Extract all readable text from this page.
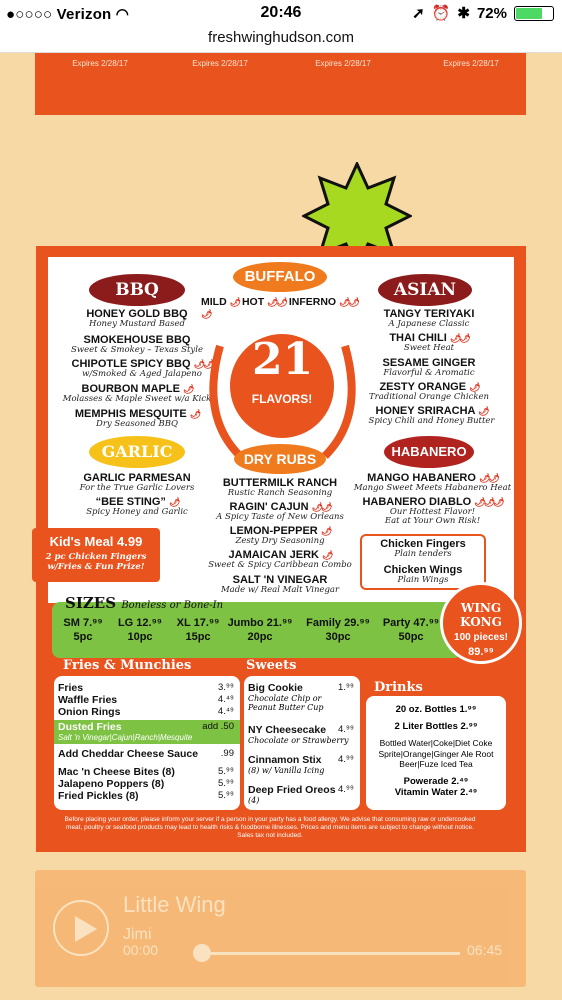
●○○○○ Verizon ◠	20:46	➚ ⏰ ✱ 72%
freshwinghudson.com
Expires 2/28/17	Expires 2/28/17	Expires 2/28/17	Expires 2/28/17
BBQ
HONEY GOLD BBQ
Honey Mustard Based
SMOKEHOUSE BBQ
Sweet & Smokey – Texas Style
CHIPOTLE SPICY BBQ 🌶🌶
w/Smoked & Aged Jalapeno
BOURBON MAPLE 🌶
Molasses & Maple Sweet w/a Kick
MEMPHIS MESQUITE 🌶
Dry Seasoned BBQ
BUFFALO
MILD 🌶 HOT 🌶🌶 INFERNO 🌶🌶🌶
21
FLAVORS!
ASIAN
TANGY TERIYAKI
A Japanese Classic
THAI CHILI 🌶🌶
Sweet Heat
SESAME GINGER
Flavorful & Aromatic
ZESTY ORANGE 🌶
Traditional Orange Chicken
HONEY SRIRACHA 🌶
Spicy Chili and Honey Butter
GARLIC
GARLIC PARMESAN
For the True Garlic Lovers
“BEE STING” 🌶
Spicy Honey and Garlic
DRY RUBS
BUTTERMILK RANCH
Rustic Ranch Seasoning
RAGIN' CAJUN 🌶🌶
A Spicy Taste of New Orleans
LEMON-PEPPER 🌶
Zesty Dry Seasoning
JAMAICAN JERK 🌶
Sweet & Spicy Caribbean Combo
SALT 'N VINEGAR
Made w/ Real Malt Vinegar
HABANERO
MANGO HABANERO 🌶🌶
Mango Sweet Meets Habanero Heat
HABANERO DIABLO 🌶🌶🌶
Our Hottest Flavor!
Eat at Your Own Risk!
Kid's Meal 4.99
2 pc Chicken Fingers
w/Fries & Fun Prize!
Chicken Fingers
Plain tenders
Chicken Wings
Plain Wings
SIZES Boneless or Bone-In
SM 7.⁹⁹
5pc
LG 12.⁹⁹
10pc
XL 17.⁹⁹
15pc
Jumbo 21.⁹⁹
20pc
Family 29.⁹⁹
30pc
Party 47.⁹⁹
50pc
WING KONG
100 pieces!
89.⁹⁹
Fries & Munchies	Sweets
Drinks
Fries	3.⁹⁹
Waffle Fries	4.⁴⁹
Onion Rings	4.⁴⁹
Dusted Fries	add .50
Salt 'n Vinegar|Cajun|Ranch|Mesquite
Add Cheddar Cheese Sauce .99
Mac 'n Cheese Bites (8)	5.⁹⁹
Jalapeno Poppers (8)	5.⁹⁹
Fried Pickles (8)	5.⁹⁹
Big Cookie	1.⁹⁹
Chocolate Chip or Peanut Butter Cup
NY Cheesecake 4.⁹⁹
Chocolate or Strawberry
Cinnamon Stix 4.⁹⁹
(8) w/ Vanilla Icing
Deep Fried Oreos 4.⁹⁹
(4)
20 oz. Bottles 1.⁹⁹
2 Liter Bottles 2.⁹⁹
Bottled Water|Coke|Diet Coke Sprite|Orange|Ginger Ale Root Beer|Fuze Iced Tea
Powerade 2.⁴⁹
Vitamin Water 2.⁴⁹
Before placing your order, please inform your server if a person in your party has a food allergy. We advise that consuming raw or undercooked meat, poultry or seafood products may lead to health risks & foodborne illnesses. Prices and menu items are subject to change without notice. Sales tax not included.
Little Wing
Jimi
00:00	06:45
